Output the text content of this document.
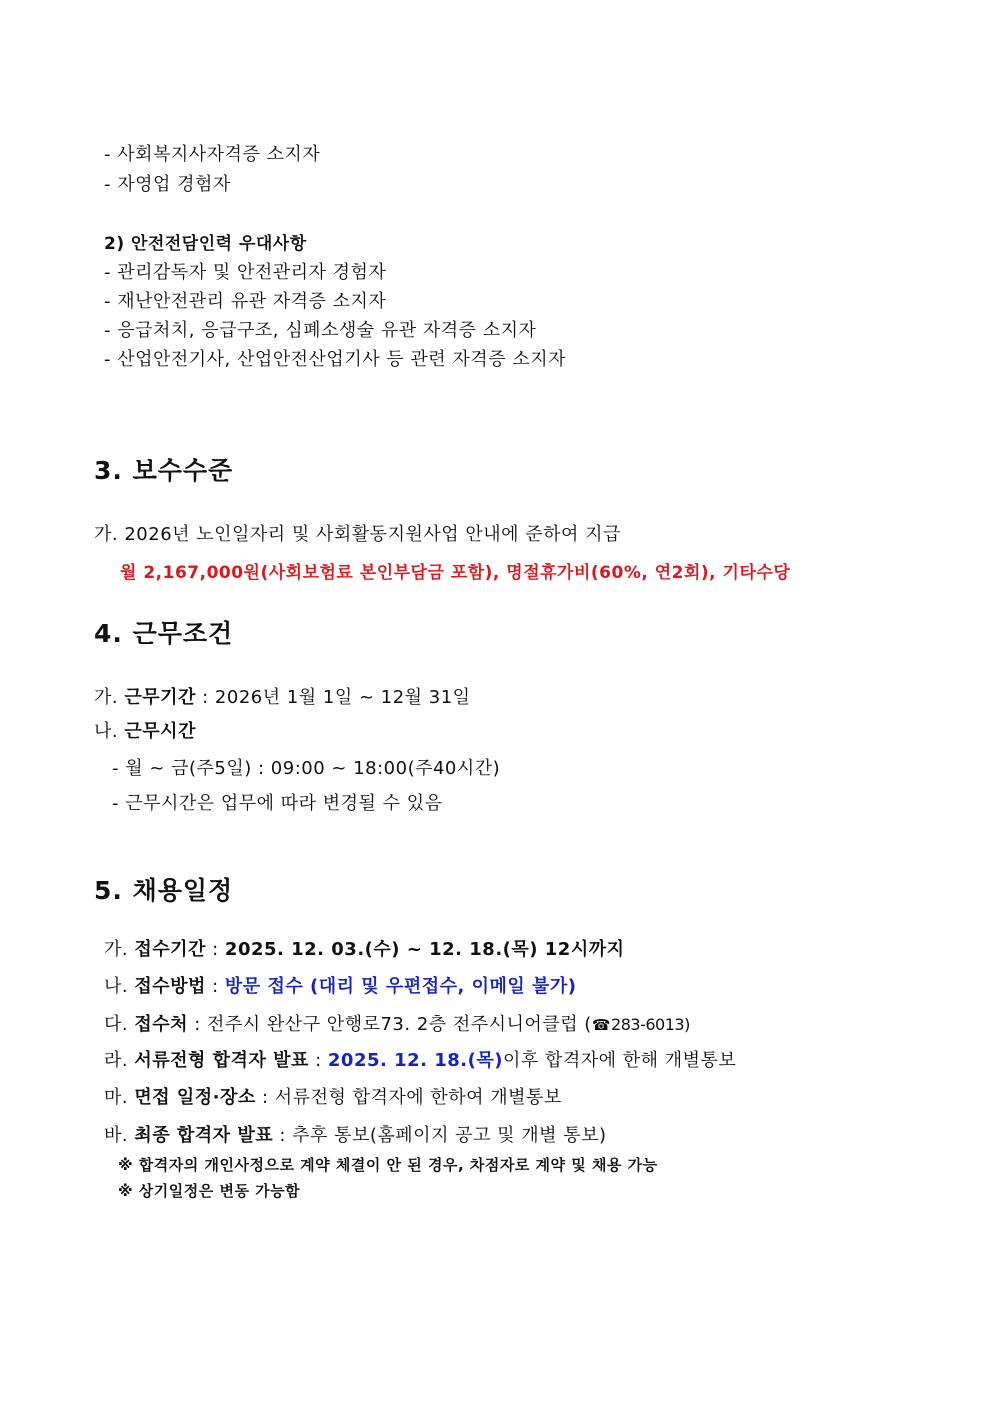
- 사회복지사자격증 소지자
- 자영업 경험자
2) 안전전담인력 우대사항
- 관리감독자 및 안전관리자 경험자
- 재난안전관리 유관 자격증 소지자
- 응급처치, 응급구조, 심폐소생술 유관 자격증 소지자
- 산업안전기사, 산업안전산업기사 등 관련 자격증 소지자
3. 보수수준
가. 2026년 노인일자리 및 사회활동지원사업 안내에 준하여 지급
월 2,167,000원(사회보험료 본인부담금 포함), 명절휴가비(60%, 연2회), 기타수당
4. 근무조건
가. 근무기간 : 2026년 1월 1일 ~ 12월 31일
나. 근무시간
- 월 ~ 금(주5일) : 09:00 ~ 18:00(주40시간)
- 근무시간은 업무에 따라 변경될 수 있음
5. 채용일정
가. 접수기간 : 2025. 12. 03.(수) ~ 12. 18.(목) 12시까지
나. 접수방법 : 방문 접수 (대리 및 우편접수, 이메일 불가)
다. 접수처 : 전주시 완산구 안행로73. 2층 전주시니어클럽 (☎283-6013)
라. 서류전형 합격자 발표 : 2025. 12. 18.(목)이후 합격자에 한해 개별통보
마. 면접 일정·장소 : 서류전형 합격자에 한하여 개별통보
바. 최종 합격자 발표 : 추후 통보(홈페이지 공고 및 개별 통보)
※ 합격자의 개인사정으로 계약 체결이 안 된 경우, 차점자로 계약 및 채용 가능
※ 상기일정은 변동 가능함
